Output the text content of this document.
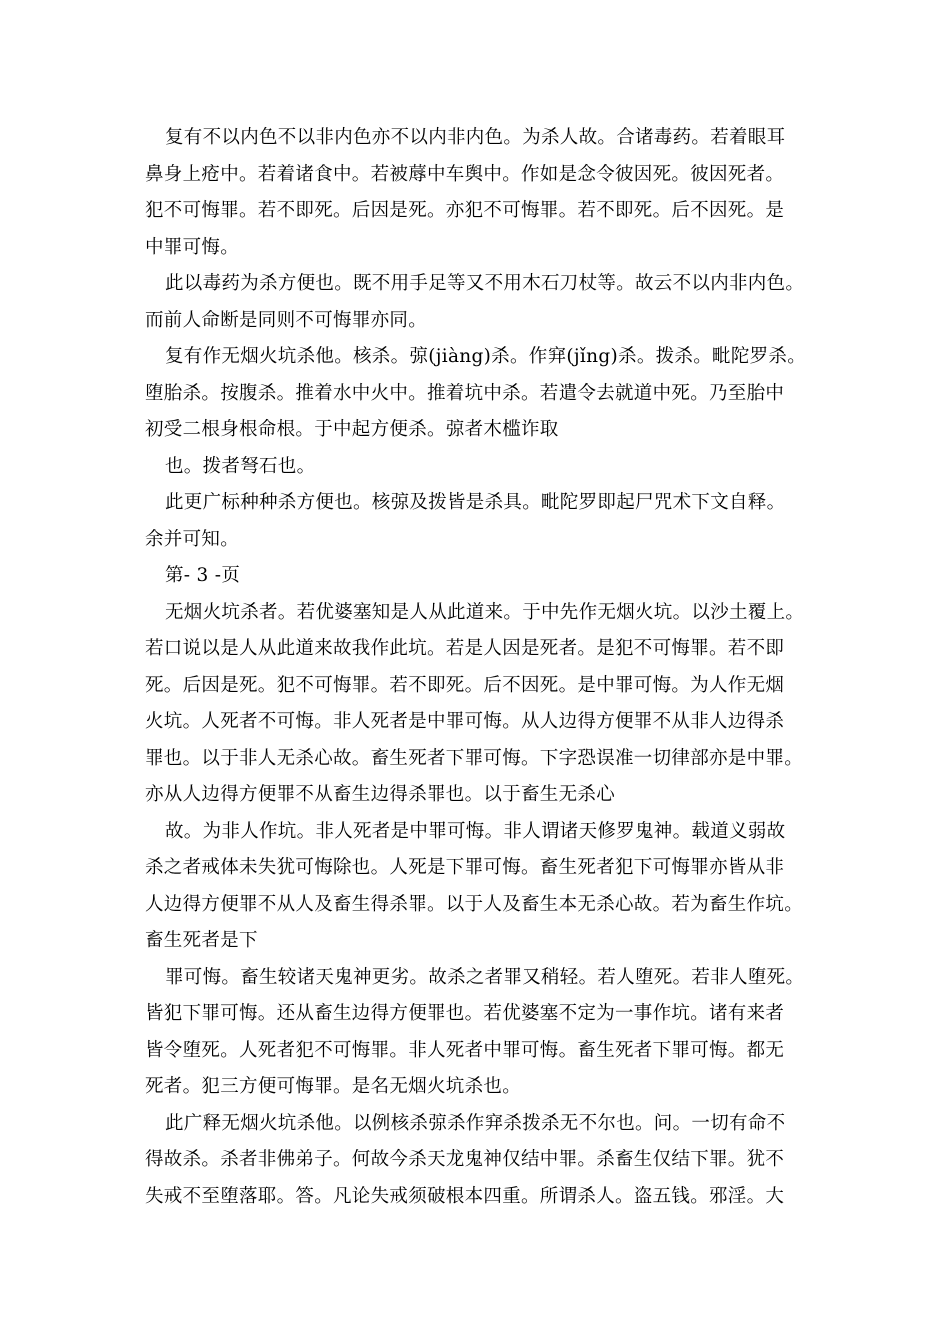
复有不以内色不以非内色亦不以内非内色。为杀人故。合诸毒药。若着眼耳
鼻身上疮中。若着诸食中。若被蓐中车舆中。作如是念令彼因死。彼因死者。
犯不可悔罪。若不即死。后因是死。亦犯不可悔罪。若不即死。后不因死。是
中罪可悔。
此以毒药为杀方便也。既不用手足等又不用木石刀杖等。故云不以内非内色。
而前人命断是同则不可悔罪亦同。
复有作无烟火坑杀他。核杀。弶(jiàng)杀。作穽(jǐng)杀。拨杀。毗陀罗杀。
堕胎杀。按腹杀。推着水中火中。推着坑中杀。若遣令去就道中死。乃至胎中
初受二根身根命根。于中起方便杀。弶者木槛诈取
也。拨者弩石也。
此更广标种种杀方便也。核弶及拨皆是杀具。毗陀罗即起尸咒术下文自释。
余并可知。
第- 3 -页
无烟火坑杀者。若优婆塞知是人从此道来。于中先作无烟火坑。以沙土覆上。
若口说以是人从此道来故我作此坑。若是人因是死者。是犯不可悔罪。若不即
死。后因是死。犯不可悔罪。若不即死。后不因死。是中罪可悔。为人作无烟
火坑。人死者不可悔。非人死者是中罪可悔。从人边得方便罪不从非人边得杀
罪也。以于非人无杀心故。畜生死者下罪可悔。下字恐误准一切律部亦是中罪。
亦从人边得方便罪不从畜生边得杀罪也。以于畜生无杀心
故。为非人作坑。非人死者是中罪可悔。非人谓诸天修罗鬼神。载道义弱故
杀之者戒体未失犹可悔除也。人死是下罪可悔。畜生死者犯下可悔罪亦皆从非
人边得方便罪不从人及畜生得杀罪。以于人及畜生本无杀心故。若为畜生作坑。
畜生死者是下
罪可悔。畜生较诸天鬼神更劣。故杀之者罪又稍轻。若人堕死。若非人堕死。
皆犯下罪可悔。还从畜生边得方便罪也。若优婆塞不定为一事作坑。诸有来者
皆令堕死。人死者犯不可悔罪。非人死者中罪可悔。畜生死者下罪可悔。都无
死者。犯三方便可悔罪。是名无烟火坑杀也。
此广释无烟火坑杀他。以例核杀弶杀作穽杀拨杀无不尔也。问。一切有命不
得故杀。杀者非佛弟子。何故今杀天龙鬼神仅结中罪。杀畜生仅结下罪。犹不
失戒不至堕落耶。答。凡论失戒须破根本四重。所谓杀人。盗五钱。邪淫。大
